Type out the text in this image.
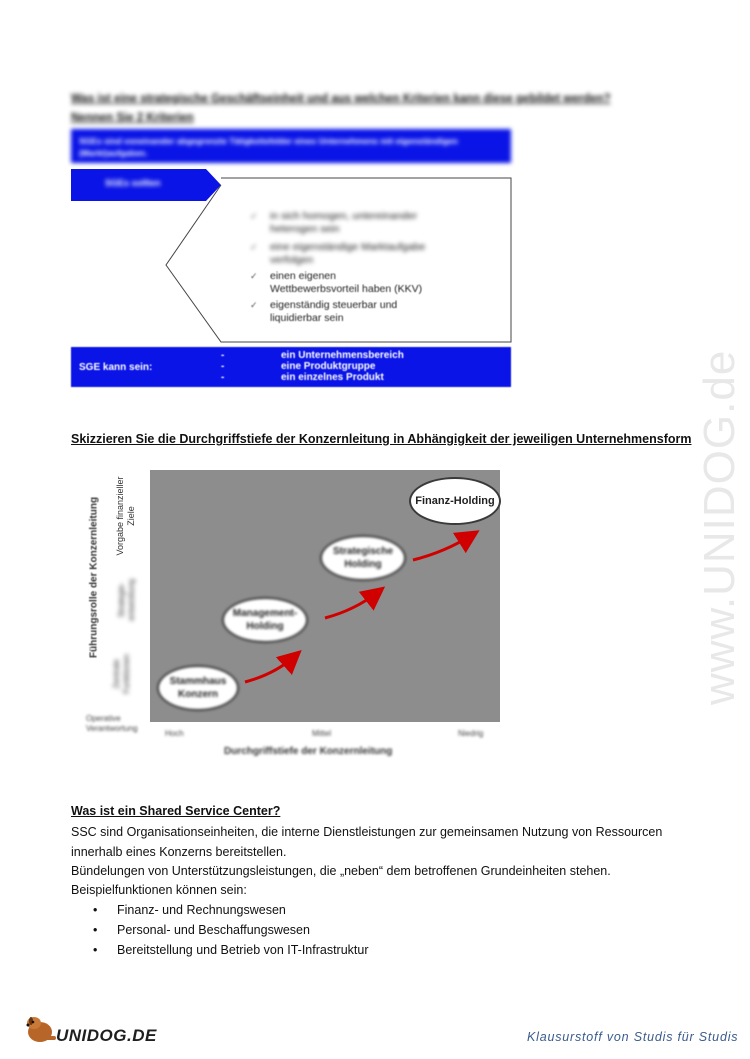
Was ist eine strategische Geschäftseinheit und aus welchen Kriterien kann diese gebildet werden?
Nennen Sie 2 Kriterien
SGEs sind voneinander abgegrenzte Tätigkeitsfelder eines Unternehmens mit eigenständigen (Markt)aufgaben.
SGEs sollten
✓ in sich homogen, untereinander
heterogen sein
✓ eine eigenständige Marktaufgabe
verfolgen
✓ einen eigenen
Wettbewerbsvorteil haben (KKV)
✓ eigenständig steuerbar und
liquidierbar sein
SGE kann sein:
-
-
-
ein Unternehmensbereich
eine Produktgruppe
ein einzelnes Produkt
Skizzieren Sie die Durchgriffstiefe der Konzernleitung in Abhängigkeit der jeweiligen Unternehmensform
Stammhaus Konzern
Management-Holding
Strategische Holding
Finanz-Holding
Führungsrolle der Konzernleitung Vorgabe finanzieller Ziele
Strategie-entwicklung
Zentrale Funktionen
Operative Verantwortung
Hoch	Mittel	Niedrig
Durchgriffstiefe der Konzernleitung
Was ist ein Shared Service Center?
SSC sind Organisationseinheiten, die interne Dienstleistungen zur gemeinsamen Nutzung von Ressourcen
innerhalb eines Konzerns bereitstellen.
Bündelungen von Unterstützungsleistungen, die „neben“ dem betroffenen Grundeinheiten stehen.
Beispielfunktionen können sein:
• Finanz- und Rechnungswesen
• Personal- und Beschaffungswesen
• Bereitstellung und Betrieb von IT-Infrastruktur
www.UNIDOG.de
UNIDOG.DE	Klausurstoff von Studis für Studis
